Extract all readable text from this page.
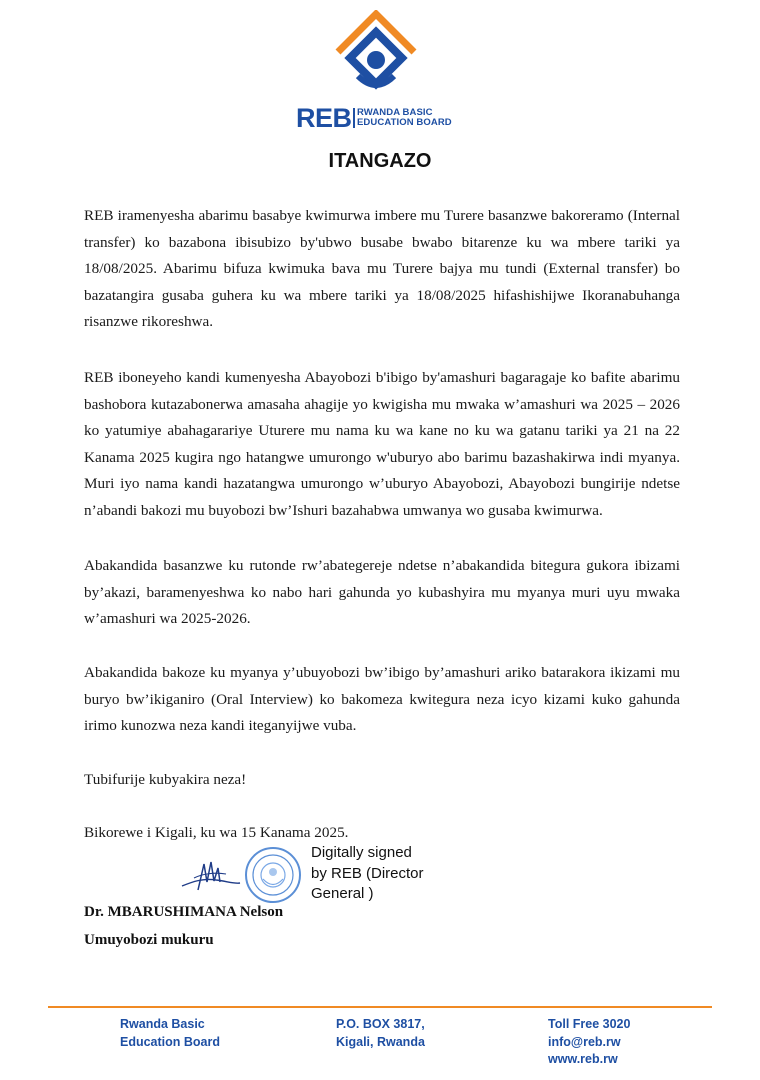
REB RWANDA BASIC
EDUCATION BOARD
ITANGAZO
REB iramenyesha abarimu basabye kwimurwa imbere mu Turere basanzwe bakoreramo (Internal transfer) ko bazabona ibisubizo by'ubwo busabe bwabo bitarenze ku wa mbere tariki ya 18/08/2025. Abarimu bifuza kwimuka bava mu Turere bajya mu tundi (External transfer) bo bazatangira gusaba guhera ku wa mbere tariki ya 18/08/2025 hifashishijwe Ikoranabuhanga risanzwe rikoreshwa.
REB iboneyeho kandi kumenyesha Abayobozi b'ibigo by'amashuri bagaragaje ko bafite abarimu bashobora kutazabonerwa amasaha ahagije yo kwigisha mu mwaka w’amashuri wa 2025 – 2026 ko yatumiye abahagarariye Uturere mu nama ku wa kane no ku wa gatanu tariki ya 21 na 22 Kanama 2025 kugira ngo hatangwe umurongo w'uburyo abo barimu bazashakirwa indi myanya. Muri iyo nama kandi hazatangwa umurongo w’uburyo Abayobozi, Abayobozi bungirije ndetse n’abandi bakozi mu buyobozi bw’Ishuri bazahabwa umwanya wo gusaba kwimurwa.
Abakandida basanzwe ku rutonde rw’abategereje ndetse n’abakandida bitegura gukora ibizami by’akazi, baramenyeshwa ko nabo hari gahunda yo kubashyira mu myanya muri uyu mwaka w’amashuri wa 2025-2026.
Abakandida bakoze ku myanya y’ubuyobozi bw’ibigo by’amashuri ariko batarakora ikizami mu buryo bw’ikiganiro (Oral Interview) ko bakomeza kwitegura neza icyo kizami kuko gahunda irimo kunozwa neza kandi iteganyijwe vuba.
Tubifurije kubyakira neza!
Bikorewe i Kigali, ku wa 15 Kanama 2025.
Digitally signed
by REB (Director
General )
Dr. MBARUSHIMANA Nelson
Umuyobozi mukuru
Rwanda Basic
Education Board
P.O. BOX 3817,
Kigali, Rwanda
Toll Free 3020
info@reb.rw
www.reb.rw
